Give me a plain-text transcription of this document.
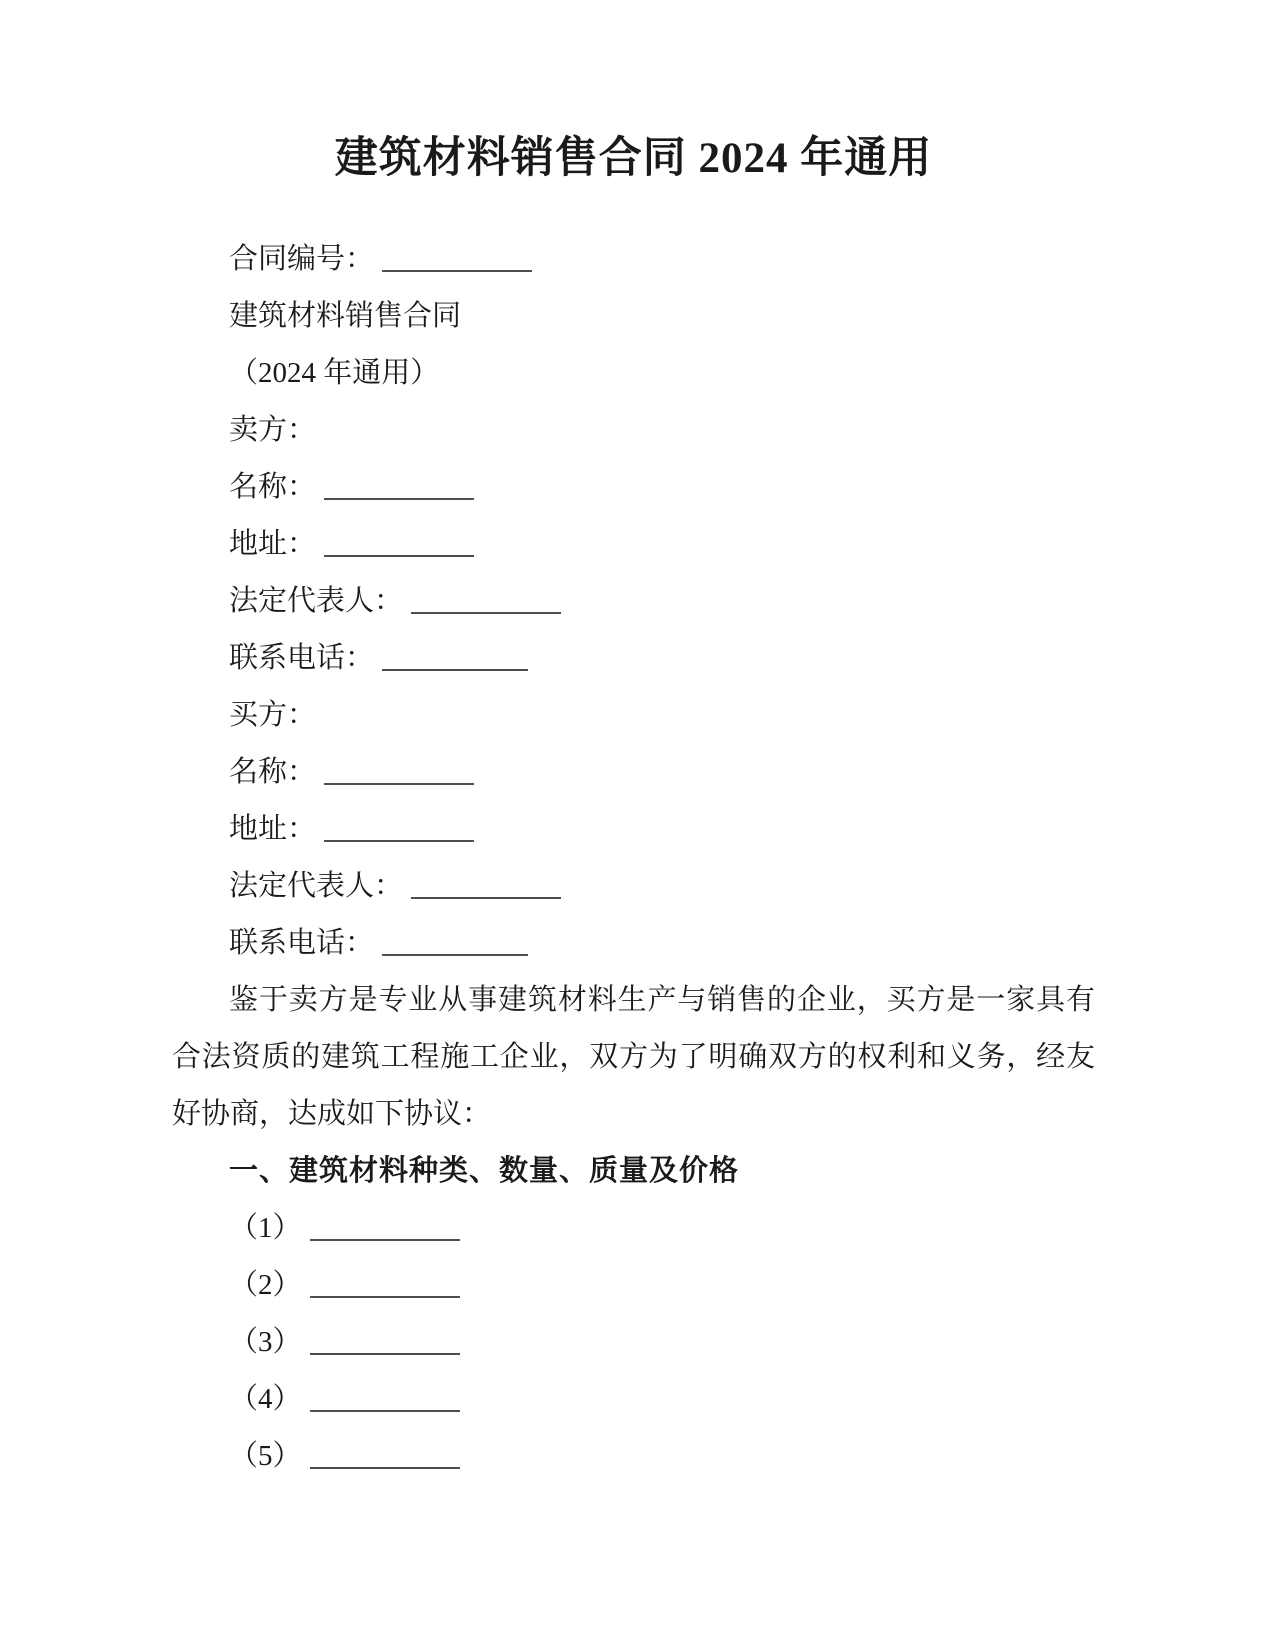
建筑材料销售合同 2024 年通用

合同编号：

建筑材料销售合同

（2024 年通用）

卖方：

名称：

地址：

法定代表人：

联系电话：

买方：

名称：

地址：

法定代表人：

联系电话：

鉴于卖方是专业从事建筑材料生产与销售的企业，买方是一家具有合法资质的建筑工程施工企业，双方为了明确双方的权利和义务，经友好协商，达成如下协议：

一、建筑材料种类、数量、质量及价格

（1）

（2）

（3）

（4）

（5）
